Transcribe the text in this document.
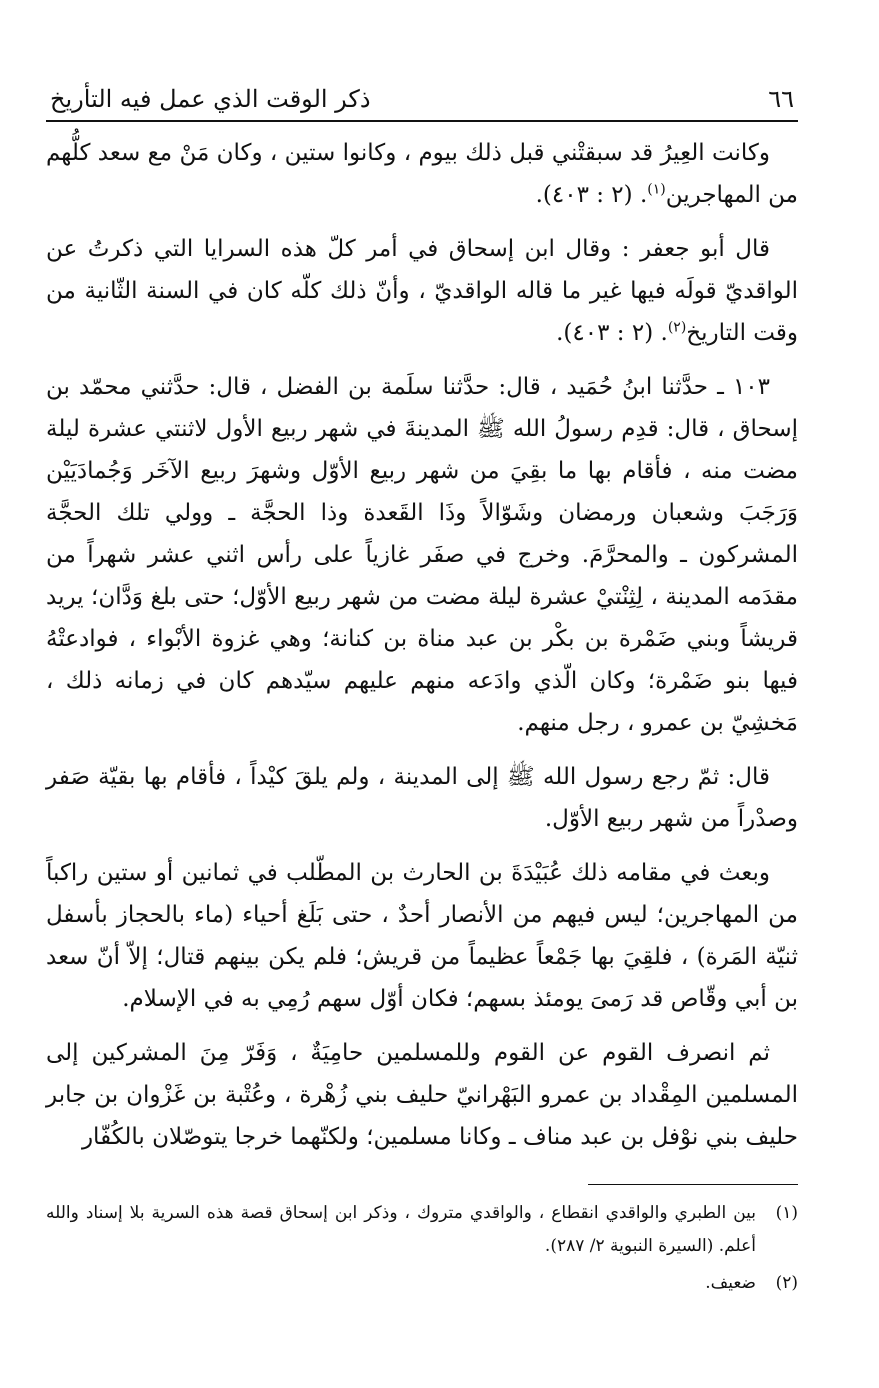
٦٦
ذكر الوقت الذي عمل فيه التأريخ

وكانت العِيرُ قد سبقتْني قبل ذلك بيوم ، وكانوا ستين ، وكان مَنْ مع سعد كلُّهم من المهاجرين$^{(١)}$. (٢ : ٤٠٣).

قال أبو جعفر : وقال ابن إسحاق في أمر كلّ هذه السرايا التي ذكرتُ عن الواقديّ قولَه فيها غير ما قاله الواقديّ ، وأنّ ذلك كلّه كان في السنة الثّانية من وقت التاريخ$^{(٢)}$. (٢ : ٤٠٣).

١٠٣ ـ حدَّثنا ابنُ حُمَيد ، قال: حدَّثنا سلَمة بن الفضل ، قال: حدَّثني محمّد بن إسحاق ، قال: قدِم رسولُ الله ﷺ المدينةَ في شهر ربيع الأول لاثنتي عشرة ليلة مضت منه ، فأقام بها ما بقِيَ من شهر ربيع الأوّل وشهرَ ربيع الآخَر وَجُمادَيَيْن وَرَجَبَ وشعبان ورمضان وشَوّالاً وذَا القَعدة وذا الحجَّة ـ وولي تلك الحجَّة المشركون ـ والمحرَّمَ. وخرج في صفَر غازياً على رأس اثني عشر شهراً من مقدَمه المدينة ، لِثِنْتيْ عشرة ليلة مضت من شهر ربيع الأوّل؛ حتى بلغ وَدَّان؛ يريد قريشاً وبني ضَمْرة بن بكْر بن عبد مناة بن كنانة؛ وهي غزوة الأبْواء ، فوادعتْهُ فيها بنو ضَمْرة؛ وكان الّذي وادَعه منهم عليهم سيّدهم كان في زمانه ذلك ، مَخشِيّ بن عمرو ، رجل منهم.

قال: ثمّ رجع رسول الله ﷺ إلى المدينة ، ولم يلقَ كيْداً ، فأقام بها بقيّة صَفر وصدْراً من شهر ربيع الأوّل.

وبعث في مقامه ذلك عُبَيْدَةَ بن الحارث بن المطّلب في ثمانين أو ستين راكباً من المهاجرين؛ ليس فيهم من الأنصار أحدٌ ، حتى بَلَغ أحياء (ماء بالحجاز بأسفل ثنيّة المَرة) ، فلقِيَ بها جَمْعاً عظيماً من قريش؛ فلم يكن بينهم قتال؛ إلاّ أنّ سعد بن أبي وقّاص قد رَمىَ يومئذ بسهم؛ فكان أوّل سهم رُمِي به في الإسلام.

ثم انصرف القوم عن القوم وللمسلمين حامِيَةٌ ، وَفَرّ مِنَ المشركين إلى المسلمين المِقْداد بن عمرو البَهْرانيّ حليف بني زُهْرة ، وعُتْبة بن غَزْوان بن جابر حليف بني نوْفل بن عبد مناف ـ وكانا مسلمين؛ ولكنّهما خرجا يتوصّلان بالكُفّار

(١)
بين الطبري والواقدي انقطاع ، والواقدي متروك ، وذكر ابن إسحاق قصة هذه السرية بلا إسناد والله أعلم. (السيرة النبوية ٢/ ٢٨٧).
(٢)
ضعيف.
